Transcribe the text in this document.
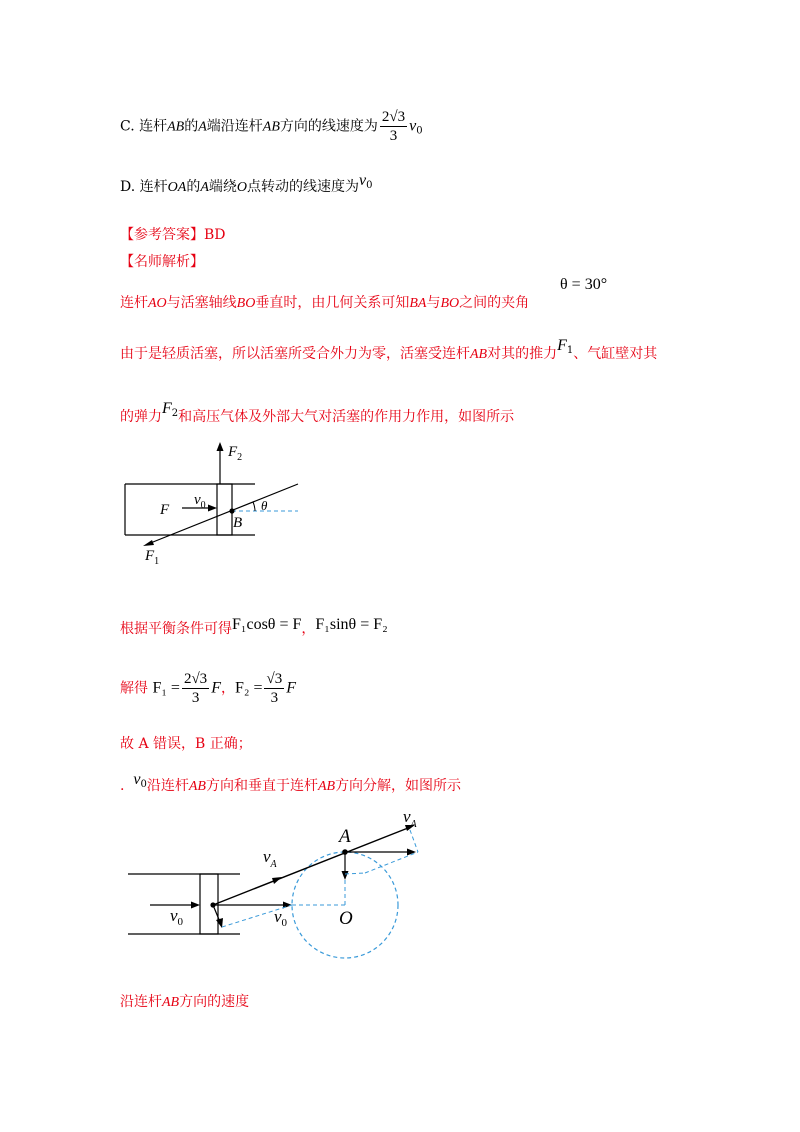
C. 连杆AB的A端沿连杆AB方向的线速度为 $\frac{2√3}{3} v_0$
D. 连杆OA的A端绕O点转动的线速度为$v^0$
【参考答案】BD
【名师解析】
连杆AO与活塞轴线BO垂直时，由几何关系可知BA与BO之间的夹角
θ = 30°
由于是轻质活塞，所以活塞所受合外力为零，活塞受连杆AB对其的推力$F^1$、气缸壁对其
的弹力$F^2$和高压气体及外部大气对活塞的作用力作用，如图所示
$F_2$
F
$v_0$
B
θ
$F_1$
根据平衡条件可得F₁cosθ = F，F₁sinθ = F₂
解得 $F_1 = \frac{2√3}{3}$ F，$F_2 = \frac{√3}{3}$ F
故 A 错误，B 正确；
. $v^0$沿连杆AB方向和垂直于连杆AB方向分解，如图所示
$v_A$
A
$v_A$
$v_0$	$v_0$	O
沿连杆AB方向的速度
